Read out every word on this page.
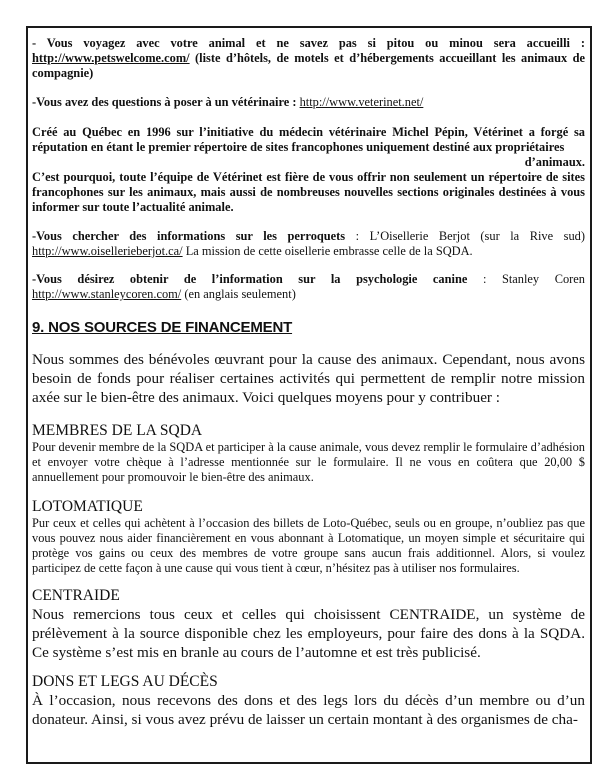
- Vous voyagez avec votre animal et ne savez pas si pitou ou minou sera accueilli : http://www.petswelcome.com/ (liste d’hôtels, de motels et d’hébergements accueillant les animaux de compagnie)

-Vous avez des questions à poser à un vétérinaire : http://www.veterinet.net/

Créé au Québec en 1996 sur l’initiative du médecin vétérinaire Michel Pépin, Vétérinet a forgé sa réputation en étant le premier répertoire de sites francophones uniquement destiné aux propriétaires
d’animaux.
C’est pourquoi, toute l’équipe de Vétérinet est fière de vous offrir non seulement un répertoire de sites francophones sur les animaux, mais aussi de nombreuses nouvelles sections originales destinées à vous informer sur toute l’actualité animale.

-Vous chercher des informations sur les perroquets : L’Oisellerie Berjot (sur la Rive sud) http://www.oisellerieberjot.ca/ La mission de cette oisellerie embrasse celle de la SQDA.

-Vous désirez obtenir de l’information sur la psychologie canine : Stanley Coren http://www.stanleycoren.com/ (en anglais seulement)

9. NOS SOURCES DE FINANCEMENT

Nous sommes des bénévoles œuvrant pour la cause des animaux. Cependant, nous avons besoin de fonds pour réaliser certaines activités qui permettent de remplir notre mission axée sur le bien-être des animaux. Voici quelques moyens pour y contribuer :

MEMBRES DE LA SQDA

Pour devenir membre de la SQDA et participer à la cause animale, vous devez remplir le formulaire d’adhésion et envoyer votre chèque à l’adresse mentionnée sur le formulaire. Il ne vous en coûtera que 20,00 $ annuellement pour promouvoir le bien-être des animaux.

LOTOMATIQUE

Pur ceux et celles qui achètent à l’occasion des billets de Loto-Québec, seuls ou en groupe, n’oubliez pas que vous pouvez nous aider financièrement en vous abonnant à Lotomatique, un moyen simple et sécuritaire qui protège vos gains ou ceux des membres de votre groupe sans aucun frais additionnel. Alors, si voulez participez de cette façon à une cause qui vous tient à cœur, n’hésitez pas à utiliser nos formulaires.

CENTRAIDE

Nous remercions tous ceux et celles qui choisissent CENTRAIDE, un système de prélèvement à la source disponible chez les employeurs, pour faire des dons à la SQDA. Ce système s’est mis en branle au cours de l’automne et est très publicisé.

DONS ET LEGS AU DÉCÈS

À l’occasion, nous recevons des dons et des legs lors du décès d’un membre ou d’un donateur. Ainsi, si vous avez prévu de laisser un certain montant à des organismes de cha-
